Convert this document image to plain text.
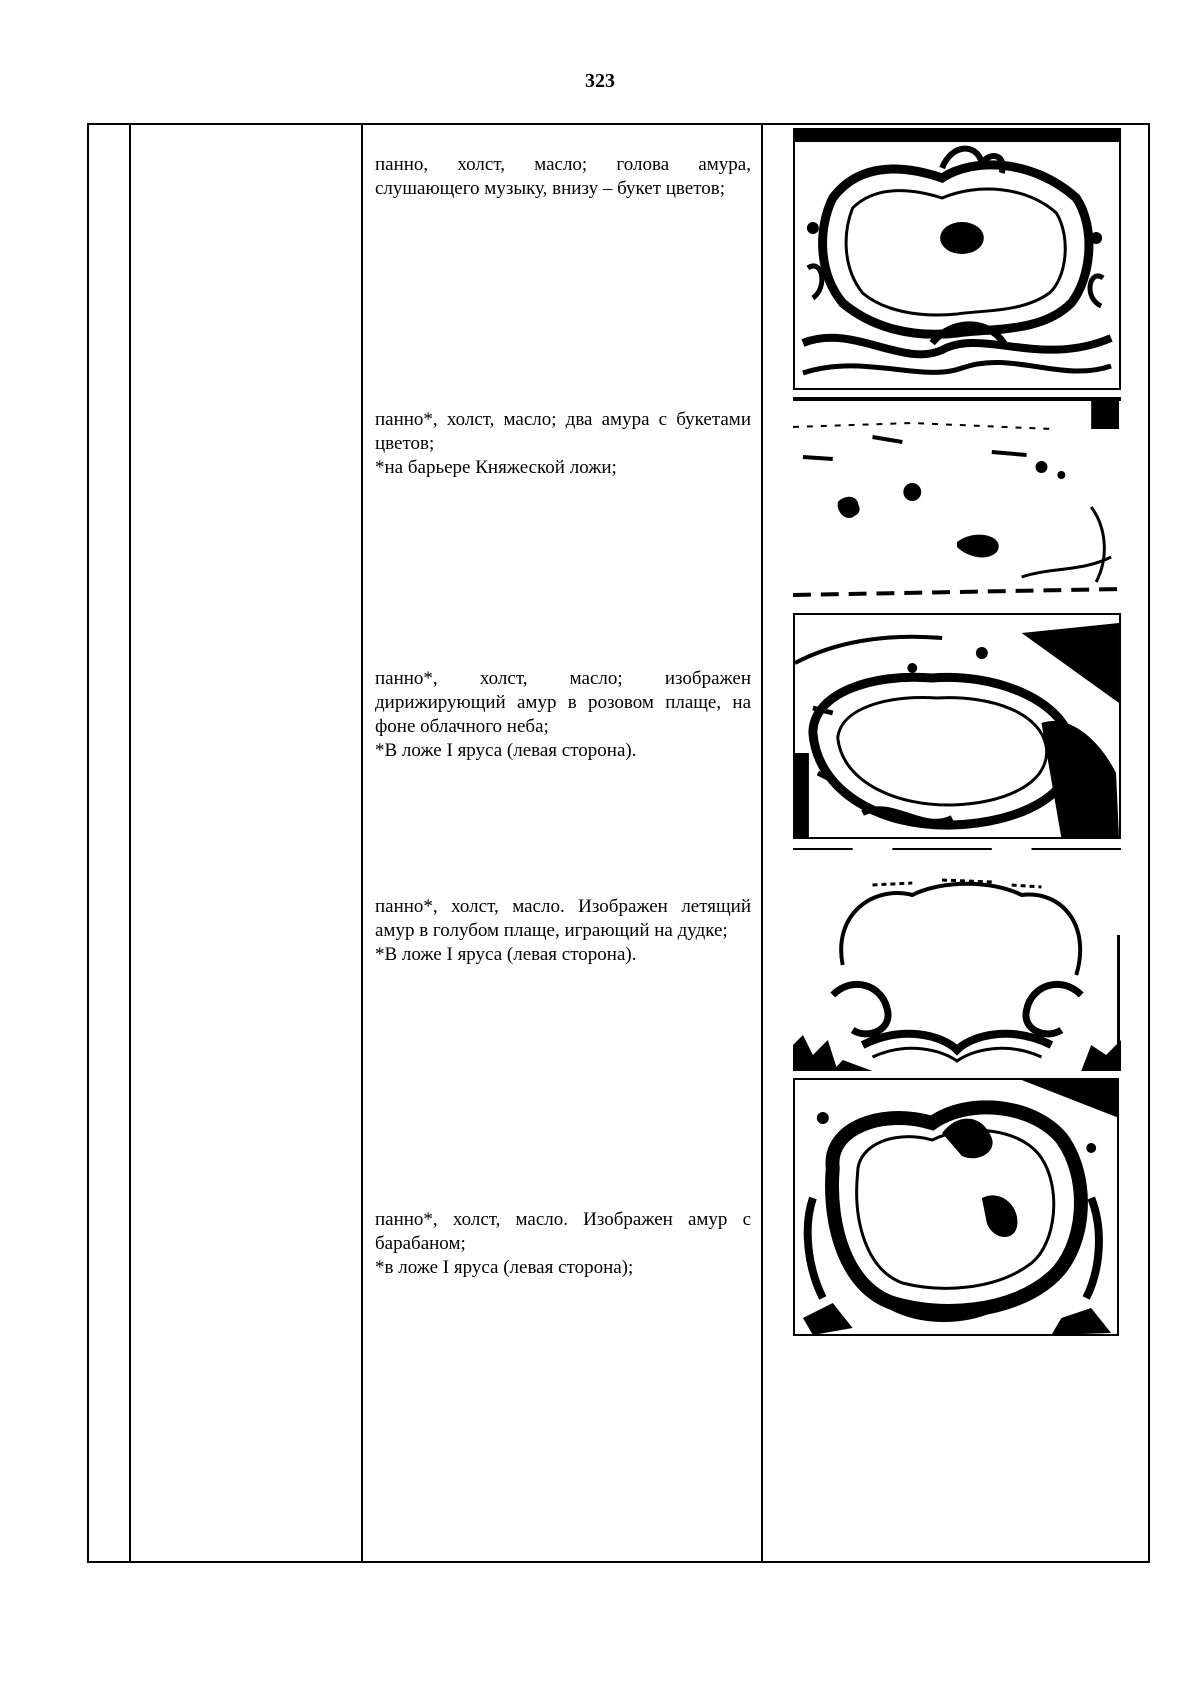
323

панно, холст, масло; голова амура, слушающего музыку, внизу – букет цветов;

панно*, холст, масло; два амура с букетами цветов;

*на барьере Княжеской ложи;

панно*, холст, масло; изображен дирижирующий амур в розовом плаще, на фоне облачного неба;

*В ложе I яруса (левая сторона).

панно*, холст, масло. Изображен летящий амур в голубом плаще, играющий на дудке;

*В ложе I яруса (левая сторона).

панно*, холст, масло. Изображен амур с барабаном;

*в ложе I яруса (левая сторона);
